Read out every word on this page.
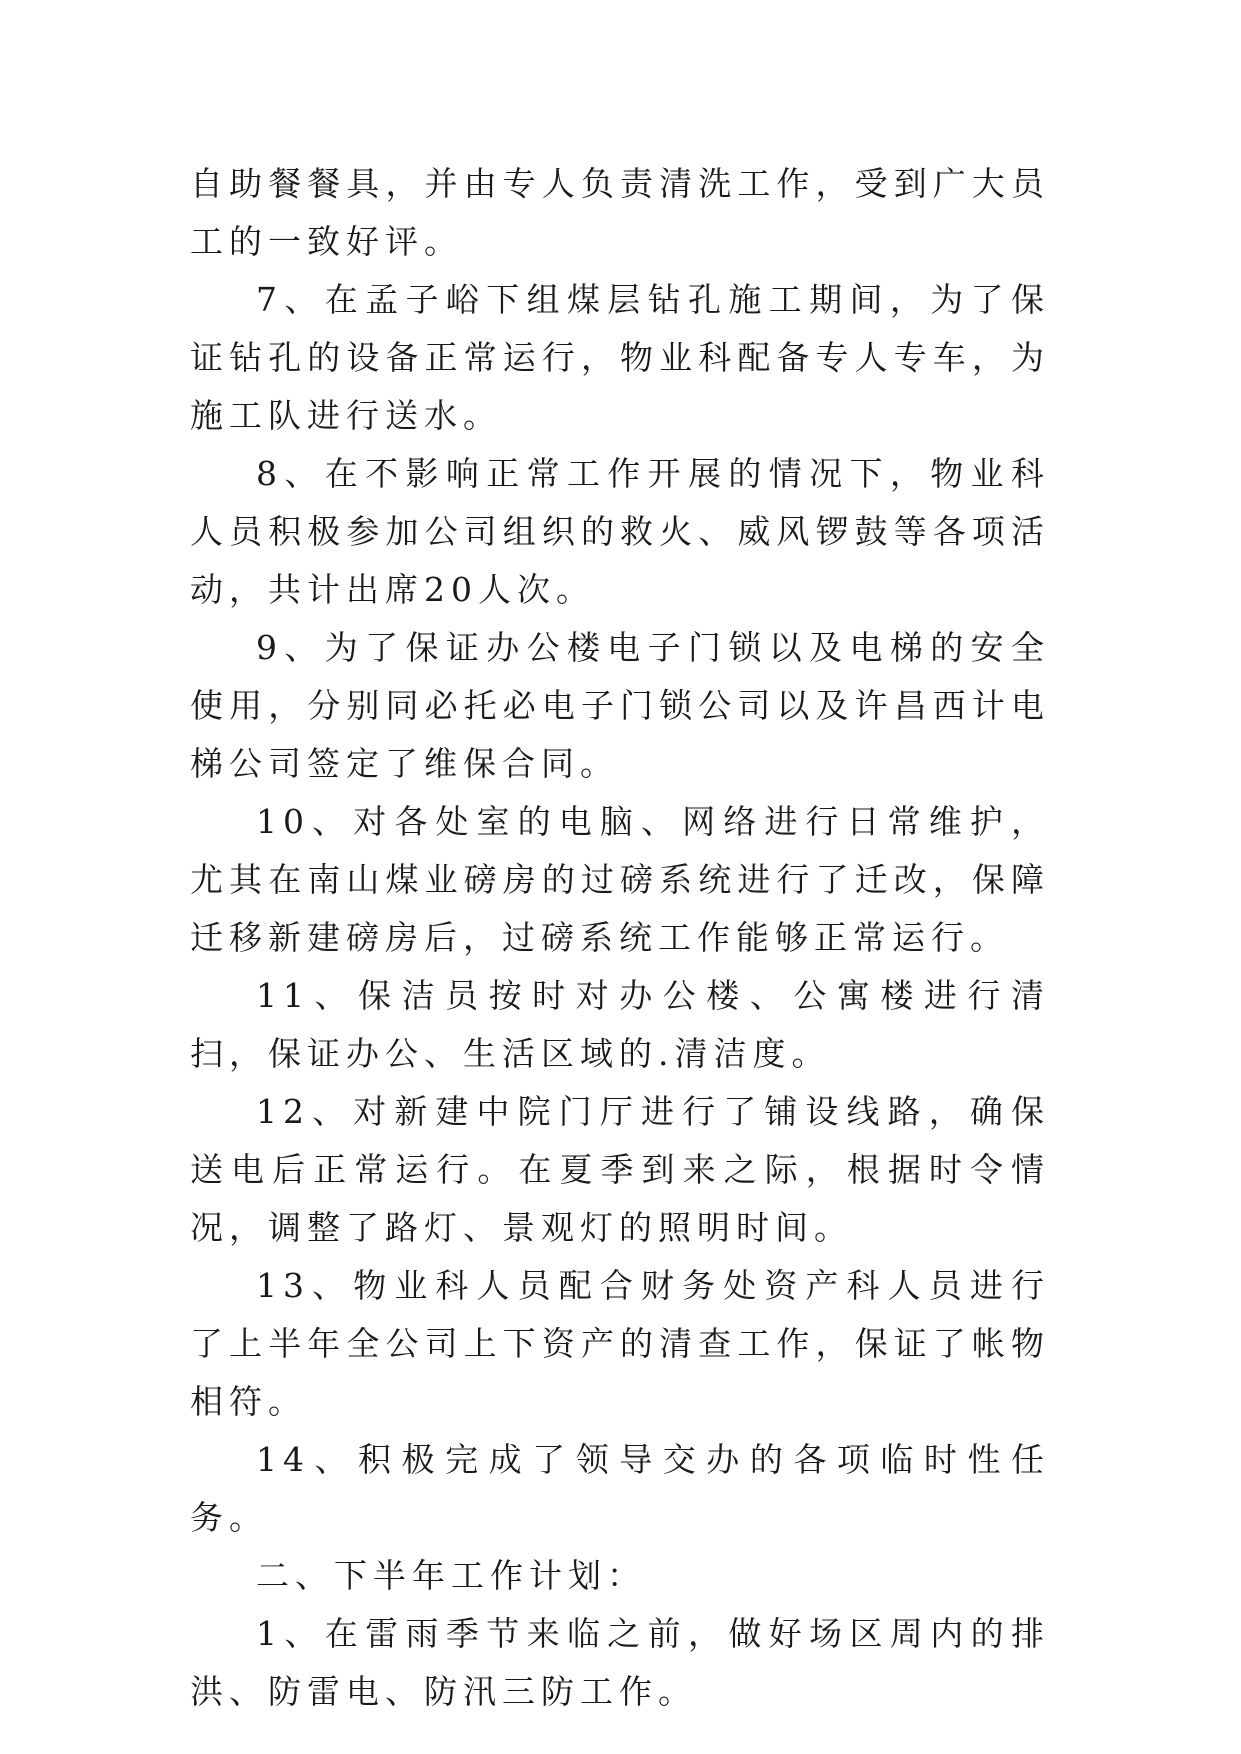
自助餐餐具，并由专人负责清洗工作，受到广大员工的一致好评。

7、在孟子峪下组煤层钻孔施工期间，为了保证钻孔的设备正常运行，物业科配备专人专车，为施工队进行送水。

8、在不影响正常工作开展的情况下，物业科人员积极参加公司组织的救火、威风锣鼓等各项活动，共计出席20人次。

9、为了保证办公楼电子门锁以及电梯的安全使用，分别同必托必电子门锁公司以及许昌西计电梯公司签定了维保合同。

10、对各处室的电脑、网络进行日常维护，尤其在南山煤业磅房的过磅系统进行了迁改，保障迁移新建磅房后，过磅系统工作能够正常运行。

11、保洁员按时对办公楼、公寓楼进行清扫，保证办公、生活区域的.清洁度。

12、对新建中院门厅进行了铺设线路，确保送电后正常运行。在夏季到来之际，根据时令情况，调整了路灯、景观灯的照明时间。

13、物业科人员配合财务处资产科人员进行了上半年全公司上下资产的清查工作，保证了帐物相符。

14、积极完成了领导交办的各项临时性任务。

二、下半年工作计划：

1、在雷雨季节来临之前，做好场区周内的排洪、防雷电、防汛三防工作。
